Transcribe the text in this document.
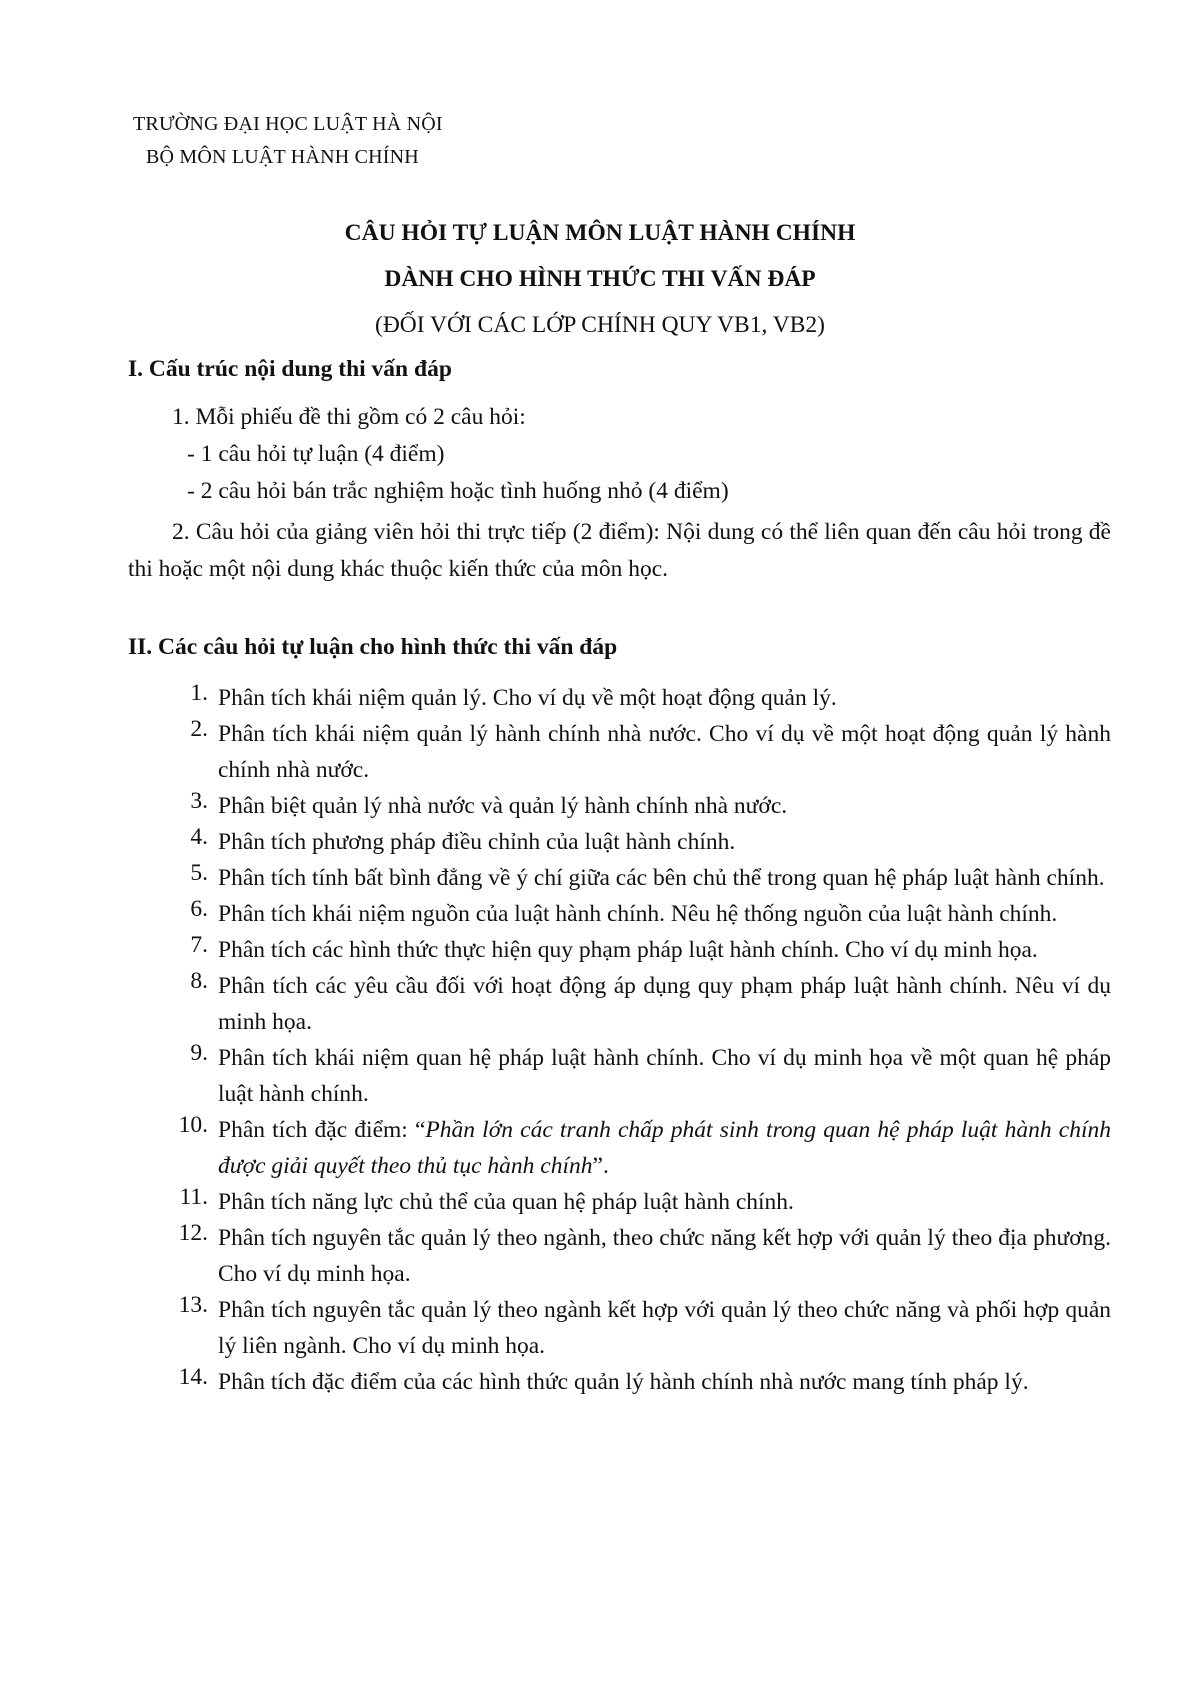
TRƯỜNG ĐẠI HỌC LUẬT HÀ NỘI
BỘ MÔN LUẬT HÀNH CHÍNH
CÂU HỎI TỰ LUẬN MÔN LUẬT HÀNH CHÍNH
DÀNH CHO HÌNH THỨC THI VẤN ĐÁP
(ĐỐI VỚI CÁC LỚP CHÍNH QUY VB1, VB2)
I. Cấu trúc nội dung thi vấn đáp
1. Mỗi phiếu đề thi gồm có 2 câu hỏi:
- 1 câu hỏi tự luận (4 điểm)
- 2 câu hỏi bán trắc nghiệm hoặc tình huống nhỏ (4 điểm)
2. Câu hỏi của giảng viên hỏi thi trực tiếp (2 điểm): Nội dung có thể liên quan đến câu hỏi trong đề thi hoặc một nội dung khác thuộc kiến thức của môn học.
II. Các câu hỏi tự luận cho hình thức thi vấn đáp
1. Phân tích khái niệm quản lý. Cho ví dụ về một hoạt động quản lý.
2. Phân tích khái niệm quản lý hành chính nhà nước. Cho ví dụ về một hoạt động quản lý hành chính nhà nước.
3. Phân biệt quản lý nhà nước và quản lý hành chính nhà nước.
4. Phân tích phương pháp điều chỉnh của luật hành chính.
5. Phân tích tính bất bình đẳng về ý chí giữa các bên chủ thể trong quan hệ pháp luật hành chính.
6. Phân tích khái niệm nguồn của luật hành chính. Nêu hệ thống nguồn của luật hành chính.
7. Phân tích các hình thức thực hiện quy phạm pháp luật hành chính. Cho ví dụ minh họa.
8. Phân tích các yêu cầu đối với hoạt động áp dụng quy phạm pháp luật hành chính. Nêu ví dụ minh họa.
9. Phân tích khái niệm quan hệ pháp luật hành chính. Cho ví dụ minh họa về một quan hệ pháp luật hành chính.
10. Phân tích đặc điểm: “Phần lớn các tranh chấp phát sinh trong quan hệ pháp luật hành chính được giải quyết theo thủ tục hành chính”.
11. Phân tích năng lực chủ thể của quan hệ pháp luật hành chính.
12. Phân tích nguyên tắc quản lý theo ngành, theo chức năng kết hợp với quản lý theo địa phương. Cho ví dụ minh họa.
13. Phân tích nguyên tắc quản lý theo ngành kết hợp với quản lý theo chức năng và phối hợp quản lý liên ngành. Cho ví dụ minh họa.
14. Phân tích đặc điểm của các hình thức quản lý hành chính nhà nước mang tính pháp lý.
